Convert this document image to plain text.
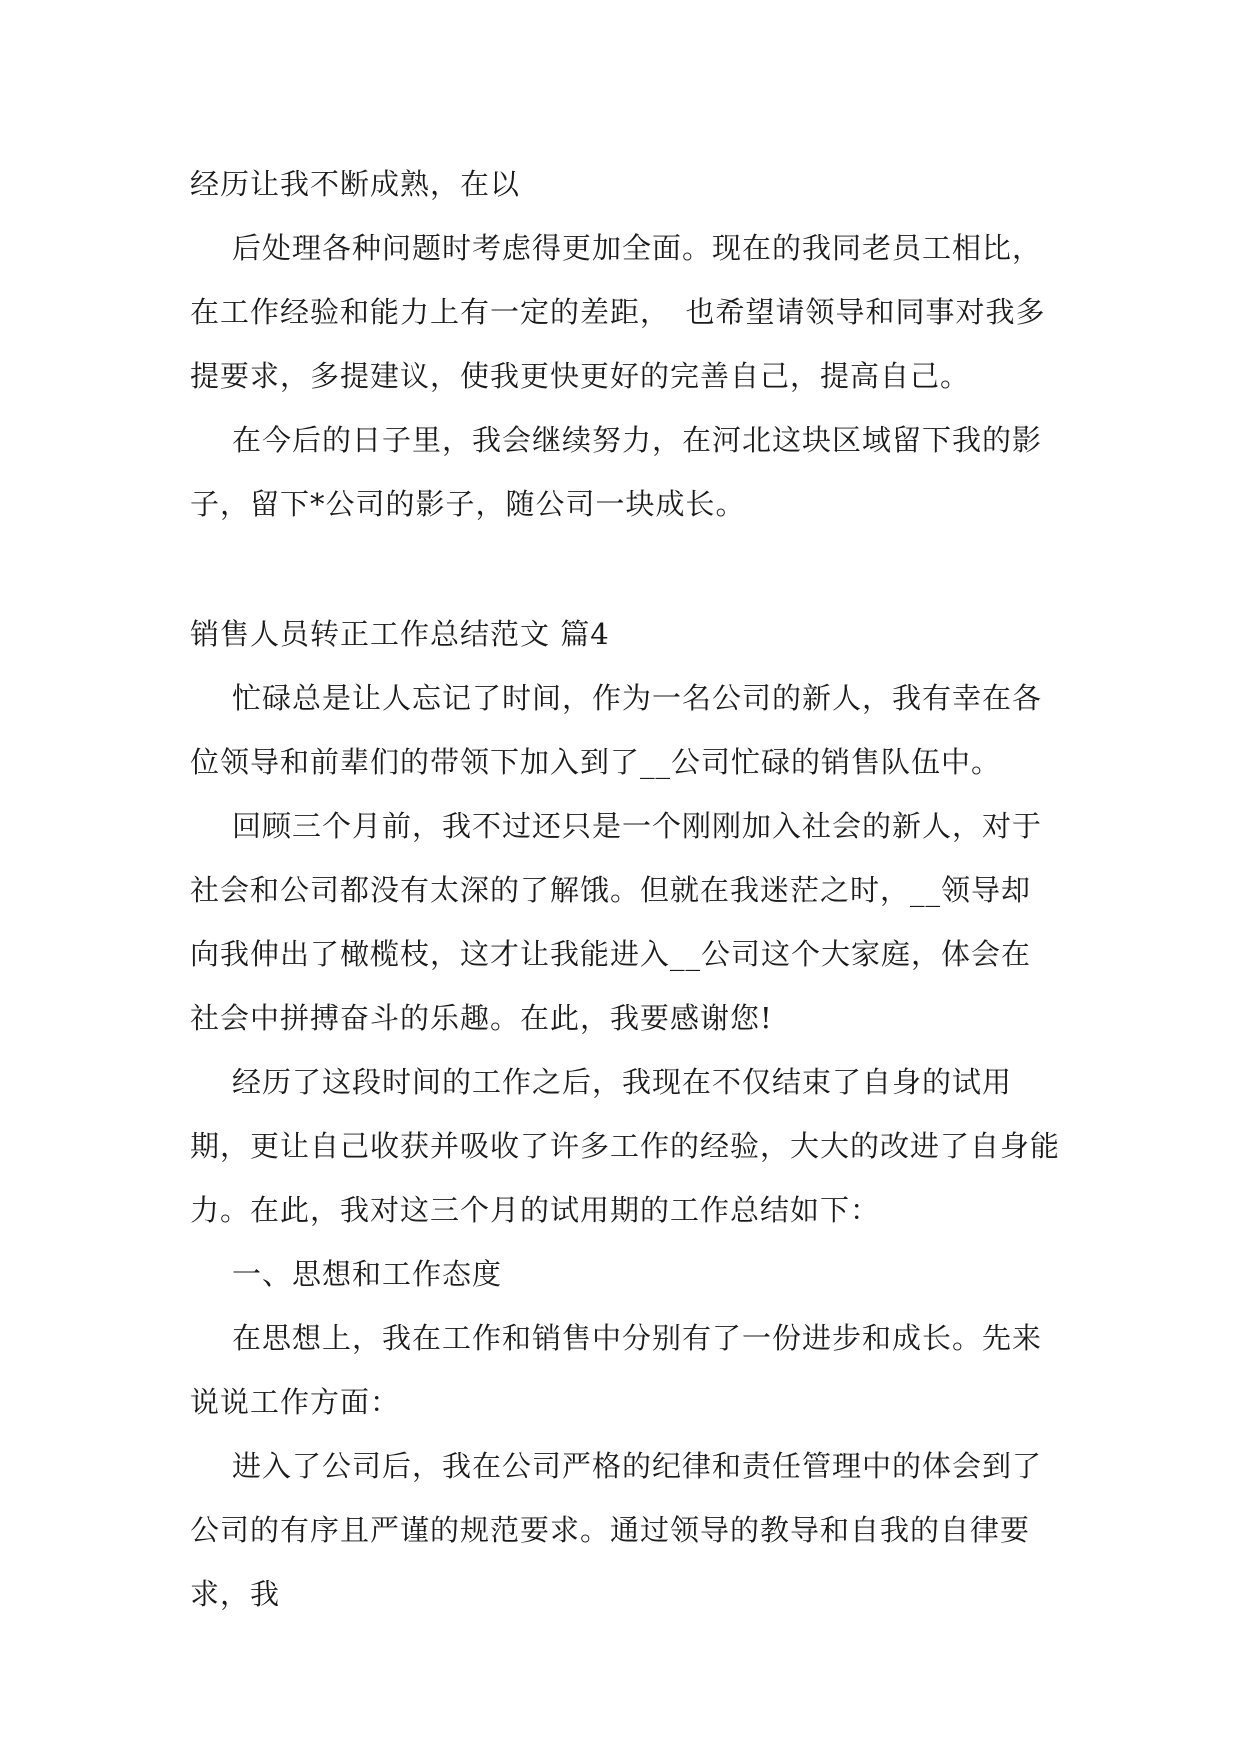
经历让我不断成熟，在以

后处理各种问题时考虑得更加全面。现在的我同老员工相比，在工作经验和能力上有一定的差距，　也希望请领导和同事对我多提要求，多提建议，使我更快更好的完善自己，提高自己。

在今后的日子里，我会继续努力，在河北这块区域留下我的影子，留下*公司的影子，随公司一块成长。

销售人员转正工作总结范文 篇4

忙碌总是让人忘记了时间，作为一名公司的新人，我有幸在各位领导和前辈们的带领下加入到了__公司忙碌的销售队伍中。

回顾三个月前，我不过还只是一个刚刚加入社会的新人，对于社会和公司都没有太深的了解饿。但就在我迷茫之时，__领导却向我伸出了橄榄枝，这才让我能进入__公司这个大家庭，体会在社会中拼搏奋斗的乐趣。在此，我要感谢您!

经历了这段时间的工作之后，我现在不仅结束了自身的试用期，更让自己收获并吸收了许多工作的经验，大大的改进了自身能力。在此，我对这三个月的试用期的工作总结如下：

一、思想和工作态度

在思想上，我在工作和销售中分别有了一份进步和成长。先来说说工作方面：

进入了公司后，我在公司严格的纪律和责任管理中的体会到了公司的有序且严谨的规范要求。通过领导的教导和自我的自律要求，我
